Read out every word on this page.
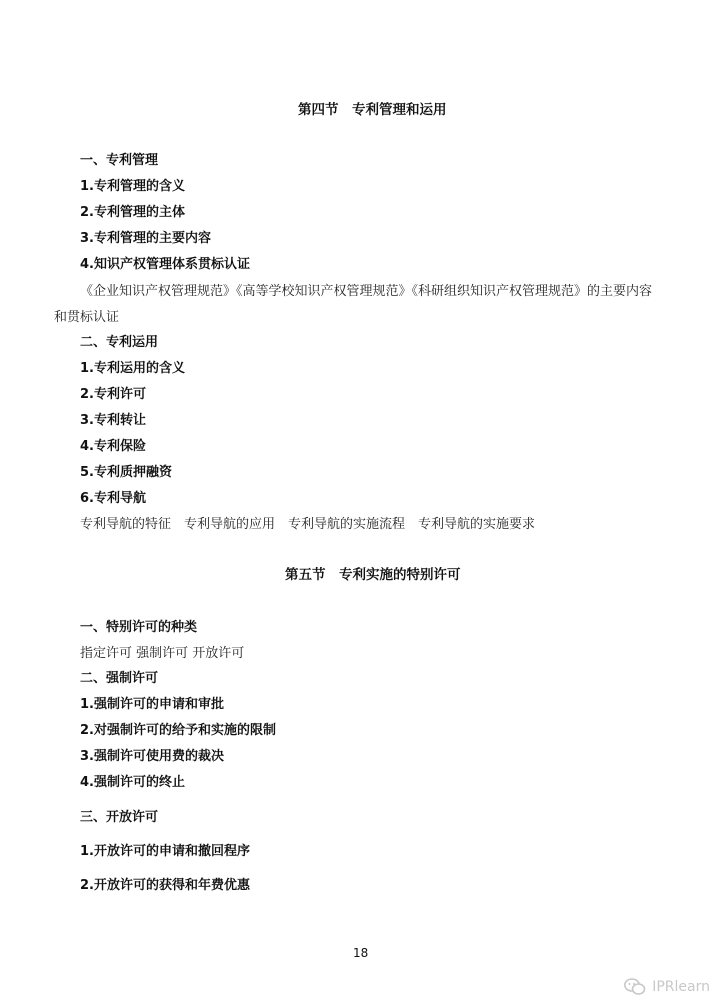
第四节　专利管理和运用
一、专利管理
1.专利管理的含义
2.专利管理的主体
3.专利管理的主要内容
4.知识产权管理体系贯标认证
《企业知识产权管理规范》《高等学校知识产权管理规范》《科研组织知识产权管理规范》的主要内容
和贯标认证
二、专利运用
1.专利运用的含义
2.专利许可
3.专利转让
4.专利保险
5.专利质押融资
6.专利导航
专利导航的特征　专利导航的应用　专利导航的实施流程　专利导航的实施要求
第五节　专利实施的特别许可
一、特别许可的种类
指定许可 强制许可 开放许可
二、强制许可
1.强制许可的申请和审批
2.对强制许可的给予和实施的限制
3.强制许可使用费的裁决
4.强制许可的终止
三、开放许可
1.开放许可的申请和撤回程序
2.开放许可的获得和年费优惠
18
IPRlearn
